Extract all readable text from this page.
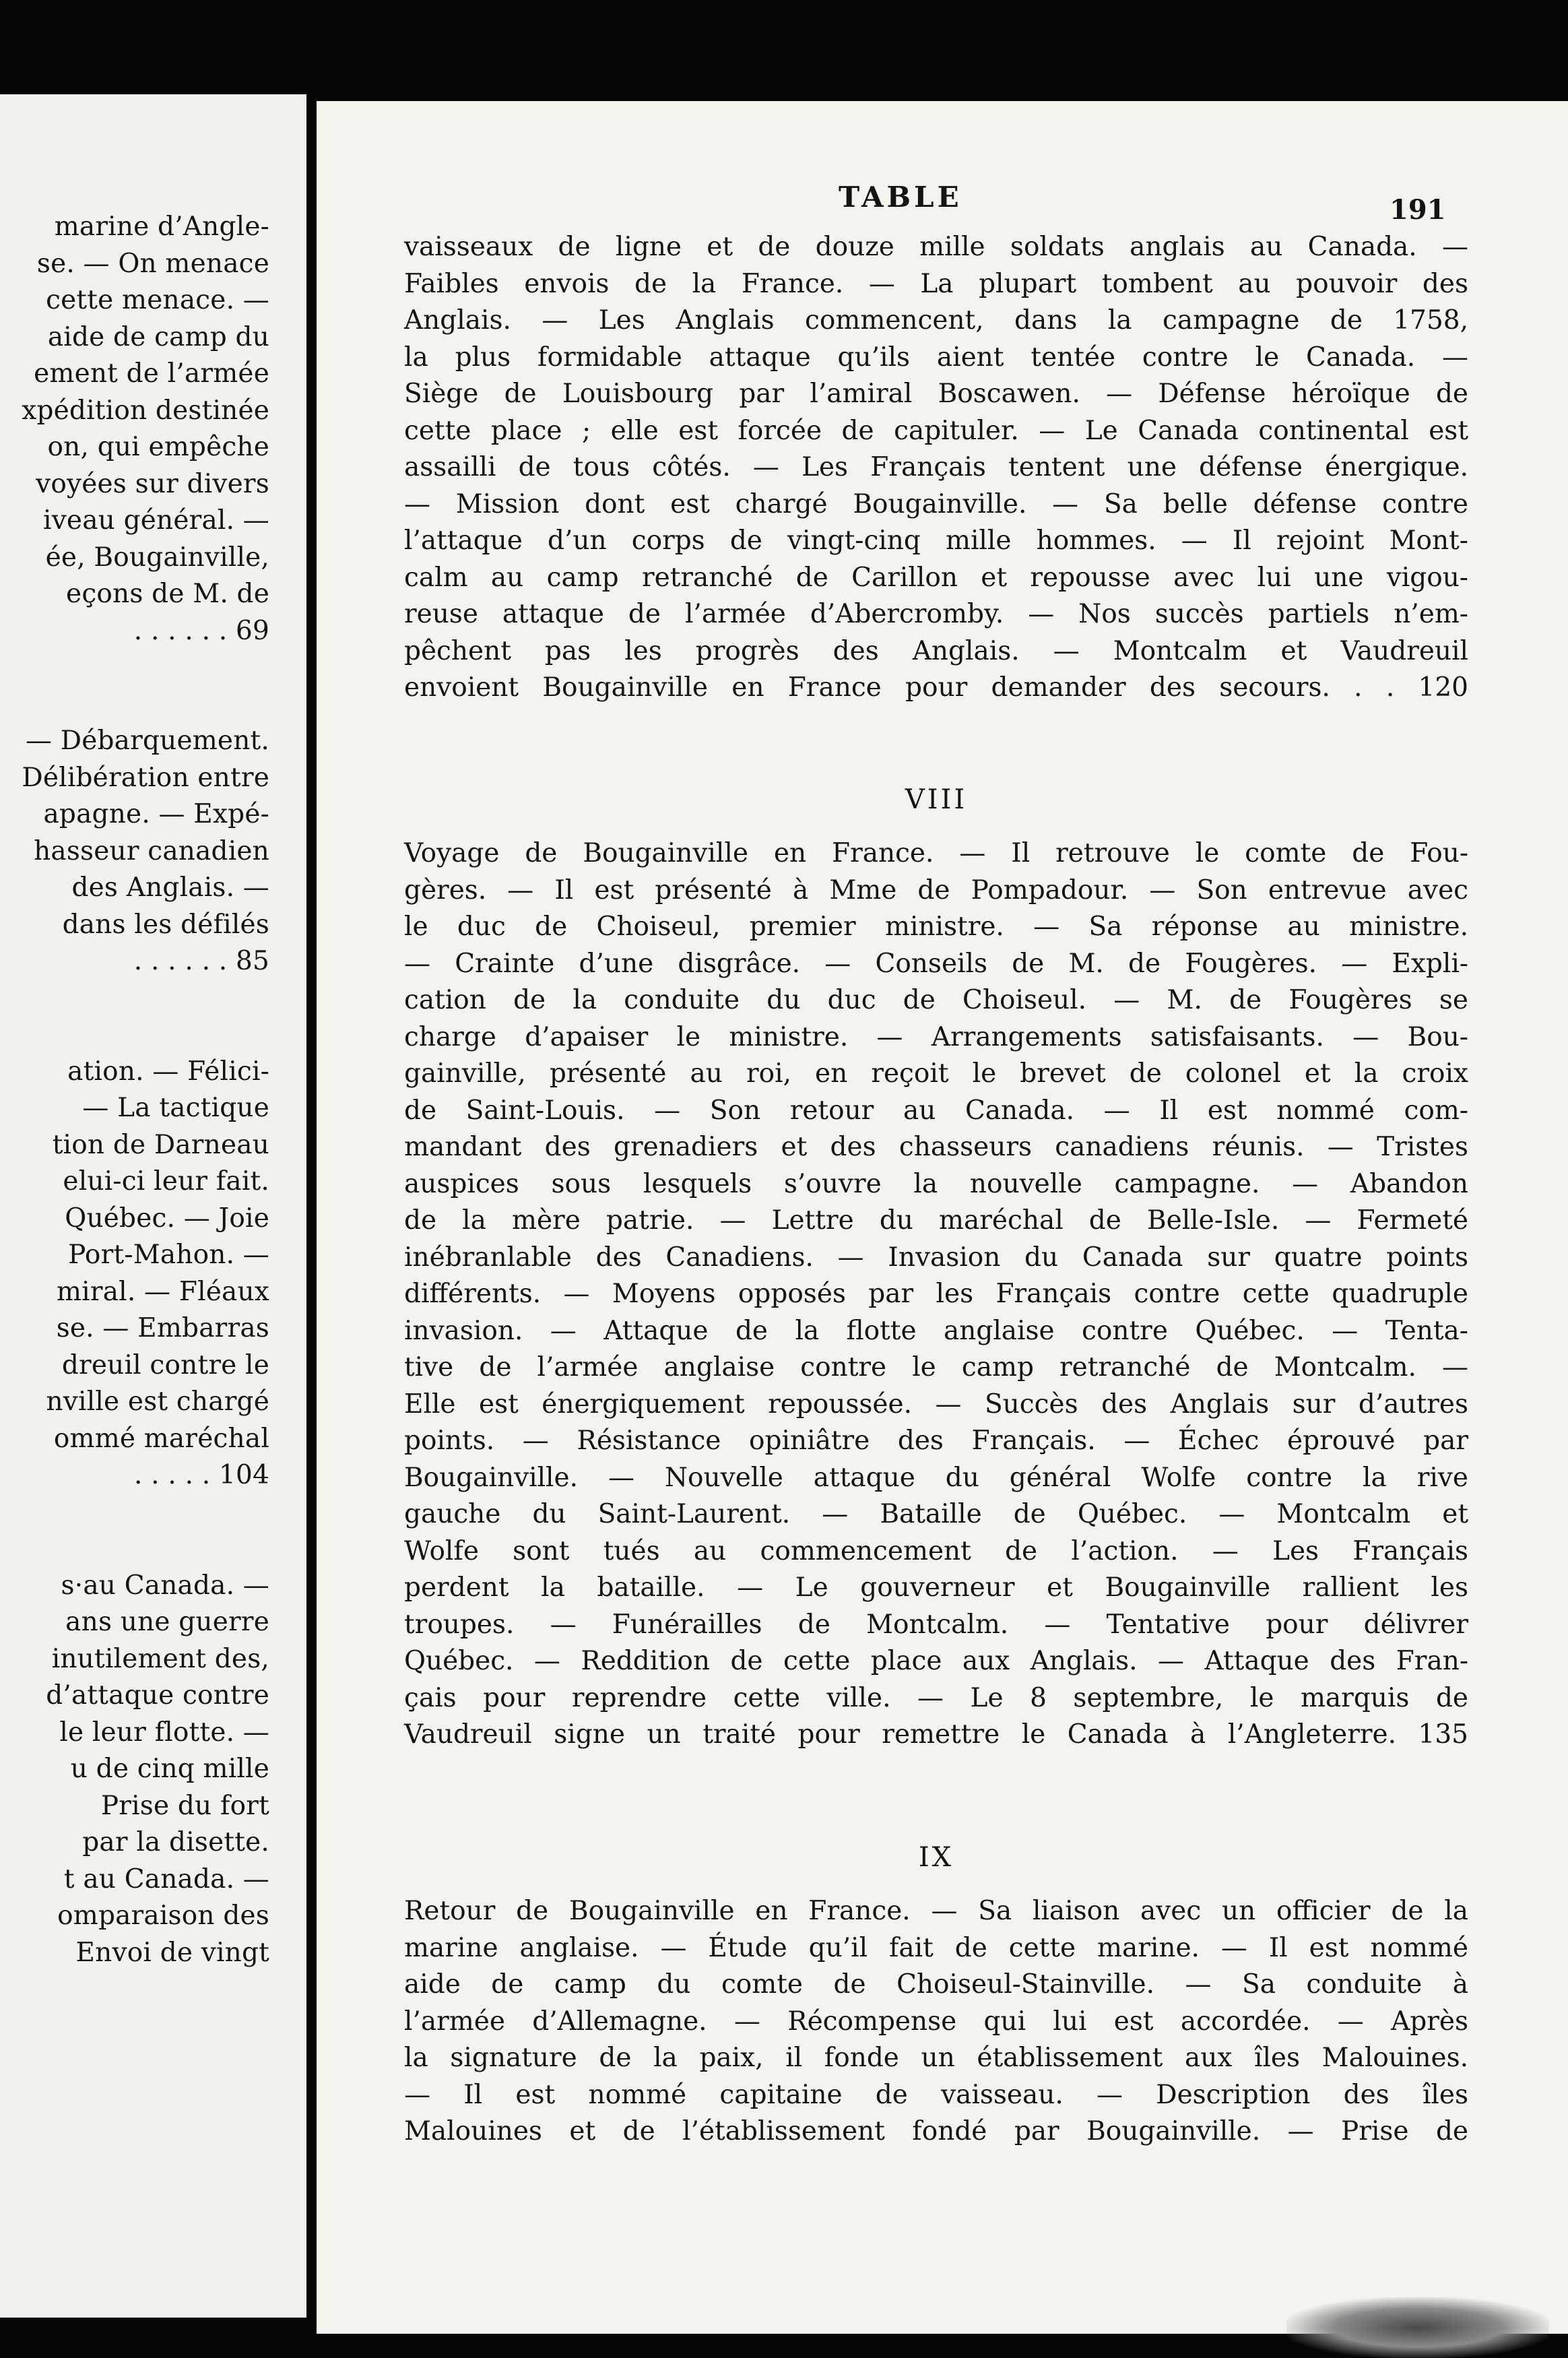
marine d’Angle-
se. — On menace
cette menace. —
aide de camp du
ement de l’armée
xpédition destinée
on, qui empêche
voyées sur divers
iveau général. —
ée, Bougainville,
eçons de M. de
. . . . . . 69
— Débarquement.
Délibération entre
apagne. — Expé-
hasseur canadien
des Anglais. —
dans les défilés
. . . . . . 85
ation. — Félici-
— La tactique
tion de Darneau
elui-ci leur fait.
Québec. — Joie
Port-Mahon. —
miral. — Fléaux
se. — Embarras
dreuil contre le
nville est chargé
ommé maréchal
. . . . . 104
s·au Canada. —
ans une guerre
inutilement des,
d’attaque contre
le leur flotte. —
u de cinq mille
Prise du fort
par la disette.
t au Canada. —
omparaison des
Envoi de vingt
TABLE	191
vaisseaux de ligne et de douze mille soldats anglais au Canada. —
Faibles envois de la France. — La plupart tombent au pouvoir des
Anglais. — Les Anglais commencent, dans la campagne de 1758,
la plus formidable attaque qu’ils aient tentée contre le Canada. —
Siège de Louisbourg par l’amiral Boscawen. — Défense héroïque de
cette place ; elle est forcée de capituler. — Le Canada continental est
assailli de tous côtés. — Les Français tentent une défense énergique.
— Mission dont est chargé Bougainville. — Sa belle défense contre
l’attaque d’un corps de vingt-cinq mille hommes. — Il rejoint Mont-
calm au camp retranché de Carillon et repousse avec lui une vigou-
reuse attaque de l’armée d’Abercromby. — Nos succès partiels n’em-
pêchent pas les progrès des Anglais. — Montcalm et Vaudreuil
envoient Bougainville en France pour demander des secours. . . 120
VIII
Voyage de Bougainville en France. — Il retrouve le comte de Fou-
gères. — Il est présenté à Mme de Pompadour. — Son entrevue avec
le duc de Choiseul, premier ministre. — Sa réponse au ministre.
— Crainte d’une disgrâce. — Conseils de M. de Fougères. — Expli-
cation de la conduite du duc de Choiseul. — M. de Fougères se
charge d’apaiser le ministre. — Arrangements satisfaisants. — Bou-
gainville, présenté au roi, en reçoit le brevet de colonel et la croix
de Saint-Louis. — Son retour au Canada. — Il est nommé com-
mandant des grenadiers et des chasseurs canadiens réunis. — Tristes
auspices sous lesquels s’ouvre la nouvelle campagne. — Abandon
de la mère patrie. — Lettre du maréchal de Belle-Isle. — Fermeté
inébranlable des Canadiens. — Invasion du Canada sur quatre points
différents. — Moyens opposés par les Français contre cette quadruple
invasion. — Attaque de la flotte anglaise contre Québec. — Tenta-
tive de l’armée anglaise contre le camp retranché de Montcalm. —
Elle est énergiquement repoussée. — Succès des Anglais sur d’autres
points. — Résistance opiniâtre des Français. — Échec éprouvé par
Bougainville. — Nouvelle attaque du général Wolfe contre la rive
gauche du Saint-Laurent. — Bataille de Québec. — Montcalm et
Wolfe sont tués au commencement de l’action. — Les Français
perdent la bataille. — Le gouverneur et Bougainville rallient les
troupes. — Funérailles de Montcalm. — Tentative pour délivrer
Québec. — Reddition de cette place aux Anglais. — Attaque des Fran-
çais pour reprendre cette ville. — Le 8 septembre, le marquis de
Vaudreuil signe un traité pour remettre le Canada à l’Angleterre. 135
IX
Retour de Bougainville en France. — Sa liaison avec un officier de la
marine anglaise. — Étude qu’il fait de cette marine. — Il est nommé
aide de camp du comte de Choiseul-Stainville. — Sa conduite à
l’armée d’Allemagne. — Récompense qui lui est accordée. — Après
la signature de la paix, il fonde un établissement aux îles Malouines.
— Il est nommé capitaine de vaisseau. — Description des îles
Malouines et de l’établissement fondé par Bougainville. — Prise de
